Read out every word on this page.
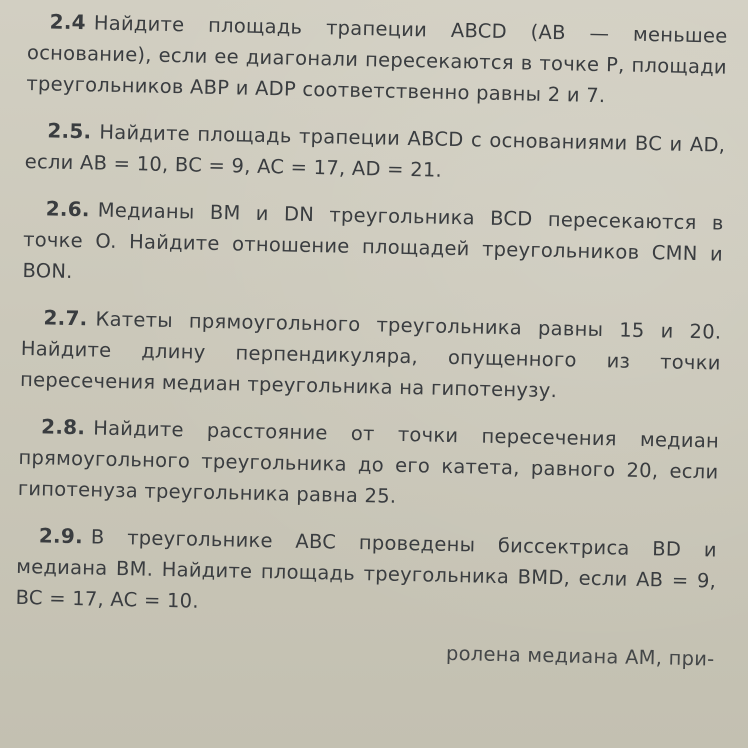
2.4 Найдите площадь трапеции ABCD (AB — меньшее основание), если ее диагонали пересекаются в точке P, площади треугольников ABP и ADP соответственно равны 2 и 7.

2.5. Найдите площадь трапеции ABCD с основаниями BC и AD, если AB = 10, BC = 9, AC = 17, AD = 21.

2.6. Медианы BM и DN треугольника BCD пересекаются в точке O. Найдите отношение площадей треугольников CMN и BON.

2.7. Катеты прямоугольного треугольника равны 15 и 20. Найдите длину перпендикуляра, опущенного из точки пересечения медиан треугольника на гипотенузу.

2.8. Найдите расстояние от точки пересечения медиан прямоугольного треугольника до его катета, равного 20, если гипотенуза треугольника равна 25.

2.9. В треугольнике ABC проведены биссектриса BD и медиана BM. Найдите площадь треугольника BMD, если AB = 9, BC = 17, AC = 10.

ролена медиана AM, при-
